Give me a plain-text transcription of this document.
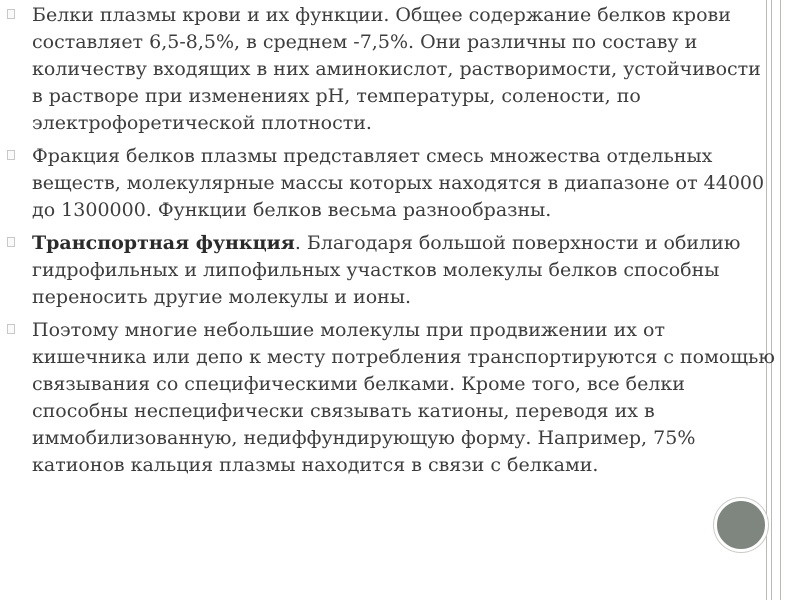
Белки плазмы крови и их функции. Общее содержание белков крови составляет 6,5-8,5%, в среднем -7,5%. Они различны по составу и количеству входящих в них аминокислот, растворимости, устойчивости в растворе при изменениях pH, температуры, солености, по электрофоретической плотности.
Фракция белков плазмы представляет смесь множества отдельных веществ, молекулярные массы которых находятся в диапазоне от 44000 до 1300000. Функции белков весьма разнообразны.
Транспортная функция. Благодаря большой поверхности и обилию гидрофильных и липофильных участков молекулы белков способны переносить другие молекулы и ионы.
Поэтому многие небольшие молекулы при продвижении их от кишечника или депо к месту потребления транспортируются с помощью связывания со специфическими белками. Кроме того, все белки способны неспецифически связывать катионы, переводя их в иммобилизованную, недиффундирующую форму. Например, 75% катионов кальция плазмы находится в связи с белками.
